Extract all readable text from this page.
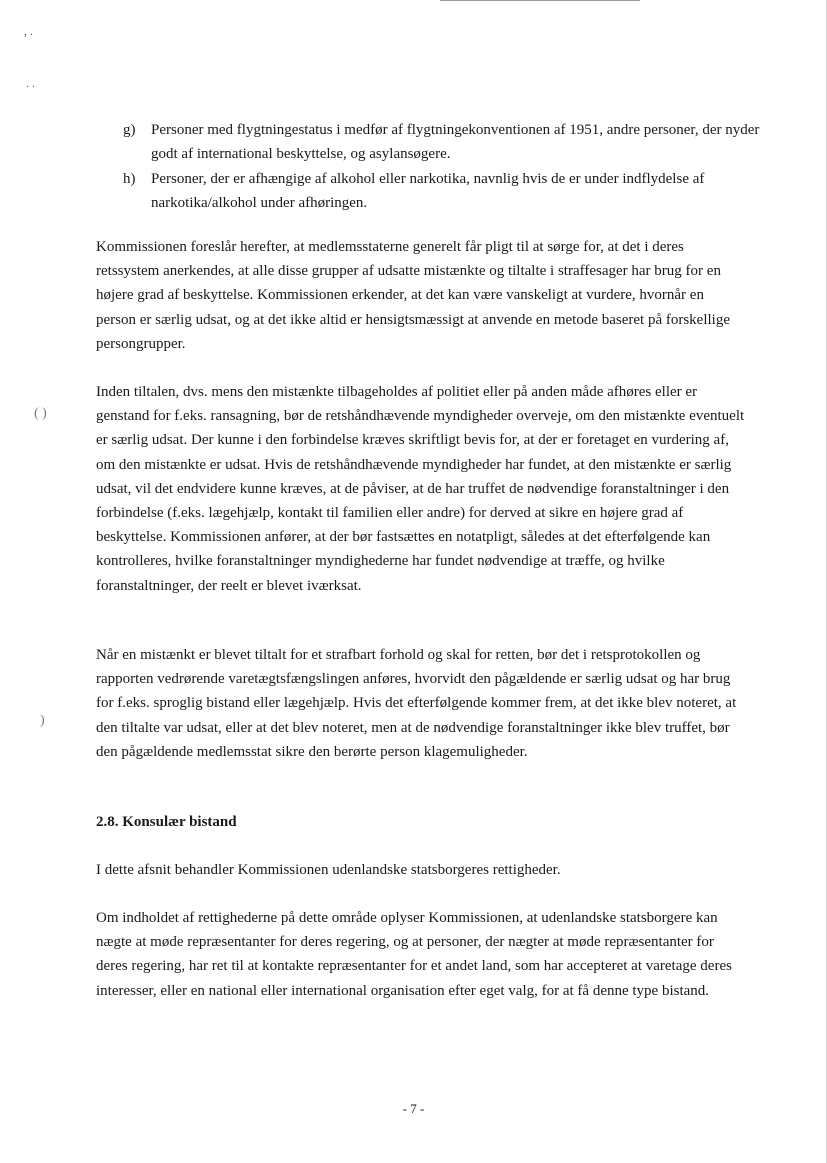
, .
. .
( )
)
g)	Personer med flygtningestatus i medfør af flygtningekonventionen af 1951, andre personer, der nyder godt af international beskyttelse, og asylansøgere.
h)	Personer, der er afhængige af alkohol eller narkotika, navnlig hvis de er under indflydelse af narkotika/alkohol under afhøringen.

Kommissionen foreslår herefter, at medlemsstaterne generelt får pligt til at sørge for, at det i deres retssystem anerkendes, at alle disse grupper af udsatte mistænkte og tiltalte i straffesager har brug for en højere grad af beskyttelse. Kommissionen erkender, at det kan være vanskeligt at vurdere, hvornår en person er særlig udsat, og at det ikke altid er hensigtsmæssigt at anvende en metode baseret på forskellige persongrupper.

Inden tiltalen, dvs. mens den mistænkte tilbageholdes af politiet eller på anden måde afhøres eller er genstand for f.eks. ransagning, bør de retshåndhævende myndigheder overveje, om den mistænkte eventuelt er særlig udsat. Der kunne i den forbindelse kræves skriftligt bevis for, at der er foretaget en vurdering af, om den mistænkte er udsat. Hvis de retshåndhævende myndigheder har fundet, at den mistænkte er særlig udsat, vil det endvidere kunne kræves, at de påviser, at de har truffet de nødvendige foranstaltninger i den forbindelse (f.eks. lægehjælp, kontakt til familien eller andre) for derved at sikre en højere grad af beskyttelse. Kommissionen anfører, at der bør fastsættes en notatpligt, således at det efterfølgende kan kontrolleres, hvilke foranstaltninger myndighederne har fundet nødvendige at træffe, og hvilke foranstaltninger, der reelt er blevet iværksat.

Når en mistænkt er blevet tiltalt for et strafbart forhold og skal for retten, bør det i retsprotokollen og rapporten vedrørende varetægtsfængslingen anføres, hvorvidt den pågældende er særlig udsat og har brug for f.eks. sproglig bistand eller lægehjælp. Hvis det efterfølgende kommer frem, at det ikke blev noteret, at den tiltalte var udsat, eller at det blev noteret, men at de nødvendige foranstaltninger ikke blev truffet, bør den pågældende medlemsstat sikre den berørte person klagemuligheder.

2.8. Konsulær bistand

I dette afsnit behandler Kommissionen udenlandske statsborgeres rettigheder.

Om indholdet af rettighederne på dette område oplyser Kommissionen, at udenlandske statsborgere kan nægte at møde repræsentanter for deres regering, og at personer, der nægter at møde repræsentanter for deres regering, har ret til at kontakte repræsentanter for et andet land, som har accepteret at varetage deres interesser, eller en national eller international organisation efter eget valg, for at få denne type bistand.

- 7 -
